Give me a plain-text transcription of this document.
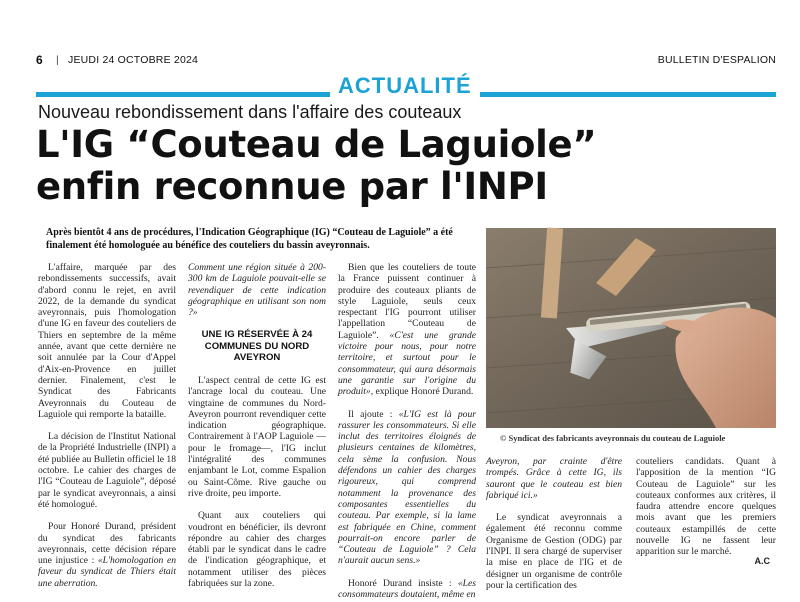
6 | JEUDI 24 OCTOBRE 2024	BULLETIN D'ESPALION
ACTUALITÉ
Nouveau rebondissement dans l'affaire des couteaux
L'IG “Couteau de Laguiole”
enfin reconnue par l'INPI
Après bientôt 4 ans de procédures, l'Indication Géographique (IG) “Couteau de Laguiole” a été finalement été homologuée au bénéfice des couteliers du bassin aveyronnais.

L'affaire, marquée par des rebondissements successifs, avait d'abord connu le rejet, en avril 2022, de la demande du syndicat aveyronnais, puis l'homologation d'une IG en faveur des couteliers de Thiers en septembre de la même année, avant que cette dernière ne soit annulée par la Cour d'Appel d'Aix-en-Provence en juillet dernier. Finalement, c'est le Syndicat des Fabricants Aveyronnais du Couteau de Laguiole qui remporte la bataille.

La décision de l'Institut National de la Propriété Industrielle (INPI) a été publiée au Bulletin officiel le 18 octobre. Le cahier des charges de l'IG “Couteau de Laguiole”, déposé par le syndicat aveyronnais, a ainsi été homologué.

Pour Honoré Durand, président du syndicat des fabricants aveyronnais, cette décision répare une injustice : «L'homologation en faveur du syndicat de Thiers était une aberration.

Comment une région située à 200-300 km de Laguiole pouvait-elle se revendiquer de cette indication géographique en utilisant son nom ?»

UNE IG RÉSERVÉE À 24 COMMUNES DU NORD AVEYRON

L'aspect central de cette IG est l'ancrage local du couteau. Une vingtaine de communes du Nord-Aveyron pourront revendiquer cette indication géographique. Contrairement à l'AOP Laguiole — pour le fromage—, l'IG inclut l'intégralité des communes enjambant le Lot, comme Espalion ou Saint-Côme. Rive gauche ou rive droite, peu importe.

Quant aux couteliers qui voudront en bénéficier, ils devront répondre au cahier des charges établi par le syndicat dans le cadre de l'indication géographique, et notamment utiliser des pièces fabriquées sur la zone.

Bien que les couteliers de toute la France puissent continuer à produire des couteaux pliants de style Laguiole, seuls ceux respectant l'IG pourront utiliser l'appellation “Couteau de Laguiole”. «C'est une grande victoire pour nous, pour notre territoire, et surtout pour le consommateur, qui aura désormais une garantie sur l'origine du produit», explique Honoré Durand.

Il ajoute : «L'IG est là pour rassurer les consommateurs. Si elle inclut des territoires éloignés de plusieurs centaines de kilomètres, cela sème la confusion. Nous défendons un cahier des charges rigoureux, qui comprend notamment la provenance des composantes essentielles du couteau. Par exemple, si la lame est fabriquée en Chine, comment pourrait-on encore parler de “Couteau de Laguiole” ? Cela n'aurait aucun sens.»

Honoré Durand insiste : «Les consommateurs doutaient, même en

© Syndicat des fabricants aveyronnais du couteau de Laguiole

Aveyron, par crainte d'être trompés. Grâce à cette IG, ils sauront que le couteau est bien fabriqué ici.»

Le syndicat aveyronnais a également été reconnu comme Organisme de Gestion (ODG) par l'INPI. Il sera chargé de superviser la mise en place de l'IG et de désigner un organisme de contrôle pour la certification des

couteliers candidats. Quant à l'apposition de la mention “IG Couteau de Laguiole” sur les couteaux conformes aux critères, il faudra attendre encore quelques mois avant que les premiers couteaux estampillés de cette nouvelle IG ne fassent leur apparition sur le marché.

A.C
